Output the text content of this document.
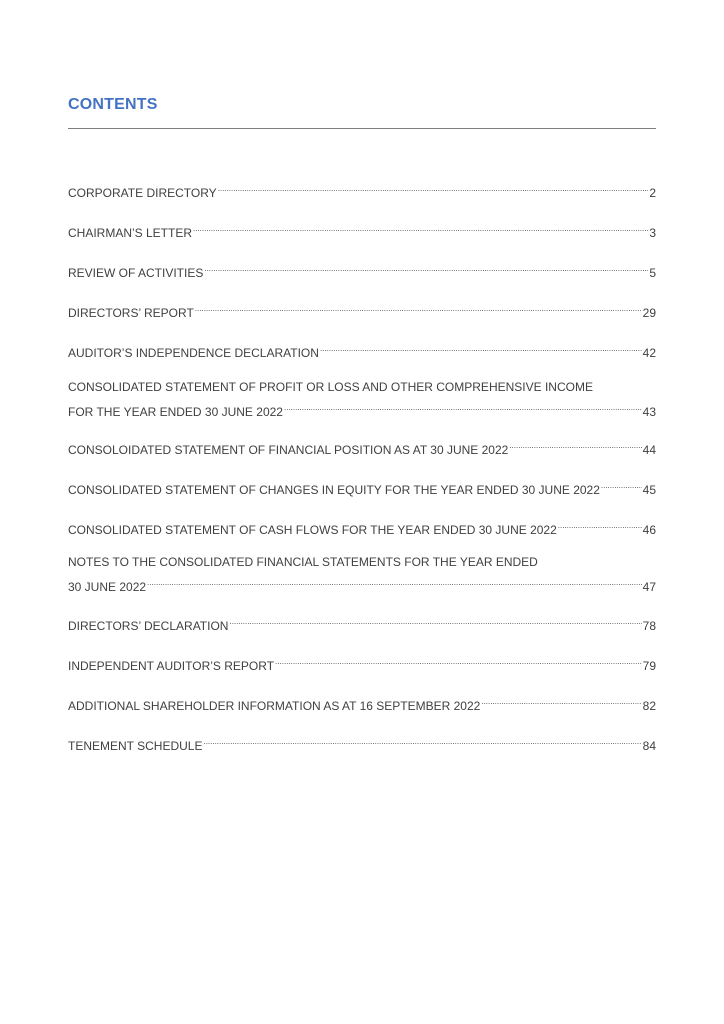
CONTENTS
CORPORATE DIRECTORY .....	2
CHAIRMAN’S LETTER .....	3
REVIEW OF ACTIVITIES .....	5
DIRECTORS’ REPORT .....	29
AUDITOR’S INDEPENDENCE DECLARATION .....	42
CONSOLIDATED STATEMENT OF PROFIT OR LOSS AND OTHER COMPREHENSIVE INCOME
FOR THE YEAR ENDED 30 JUNE 2022 .....	43
CONSOLOIDATED STATEMENT OF FINANCIAL POSITION AS AT 30 JUNE 2022 .....	44
CONSOLIDATED STATEMENT OF CHANGES IN EQUITY FOR THE YEAR ENDED 30 JUNE 2022 .....	45
CONSOLIDATED STATEMENT OF CASH FLOWS FOR THE YEAR ENDED 30 JUNE 2022 .....	46
NOTES TO THE CONSOLIDATED FINANCIAL STATEMENTS FOR THE YEAR ENDED
30 JUNE 2022 .....	47
DIRECTORS’ DECLARATION .....	78
INDEPENDENT AUDITOR’S REPORT .....	79
ADDITIONAL SHAREHOLDER INFORMATION AS AT 16 SEPTEMBER 2022 .....	82
TENEMENT SCHEDULE .....	84
